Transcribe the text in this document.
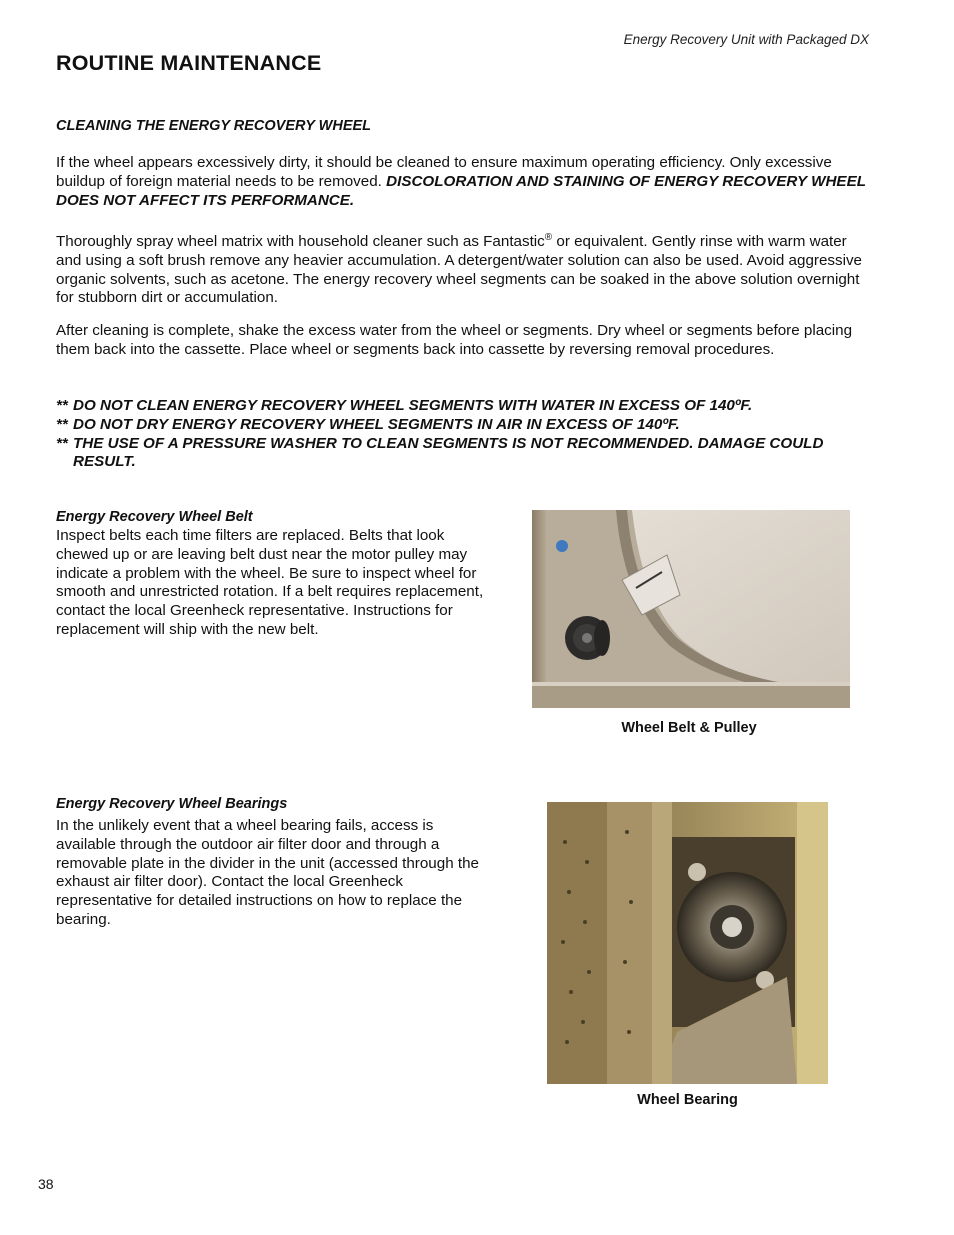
Energy Recovery Unit with Packaged DX
ROUTINE MAINTENANCE
CLEANING THE ENERGY RECOVERY WHEEL

If the wheel appears excessively dirty, it should be cleaned to ensure maximum operating efficiency. Only excessive buildup of foreign material needs to be removed. DISCOLORATION AND STAINING OF ENERGY RECOVERY WHEEL DOES NOT AFFECT ITS PERFORMANCE.

Thoroughly spray wheel matrix with household cleaner such as Fantastic® or equivalent. Gently rinse with warm water and using a soft brush remove any heavier accumulation. A detergent/water solution can also be used. Avoid aggressive organic solvents, such as acetone. The energy recovery wheel segments can be soaked in the above solution overnight for stubborn dirt or accumulation.

After cleaning is complete, shake the excess water from the wheel or segments. Dry wheel or segments before placing them back into the cassette. Place wheel or segments back into cassette by reversing removal procedures.

** DO NOT CLEAN ENERGY RECOVERY WHEEL SEGMENTS WITH WATER IN EXCESS OF 140ºF.
** DO NOT DRY ENERGY RECOVERY WHEEL SEGMENTS IN AIR IN EXCESS OF 140ºF.
** THE USE OF A PRESSURE WASHER TO CLEAN SEGMENTS IS NOT RECOMMENDED. DAMAGE COULD RESULT.
Energy Recovery Wheel Belt

Inspect belts each time filters are replaced. Belts that look chewed up or are leaving belt dust near the motor pulley may indicate a problem with the wheel. Be sure to inspect wheel for smooth and unrestricted rotation. If a belt requires replacement, contact the local Greenheck representative. Instructions for replacement will ship with the new belt.

Wheel Belt & Pulley
Energy Recovery Wheel Bearings

In the unlikely event that a wheel bearing fails, access is available through the outdoor air filter door and through a removable plate in the divider in the unit (accessed through the exhaust air filter door). Contact the local Greenheck representative for detailed instructions on how to replace the bearing.

Wheel Bearing
38
